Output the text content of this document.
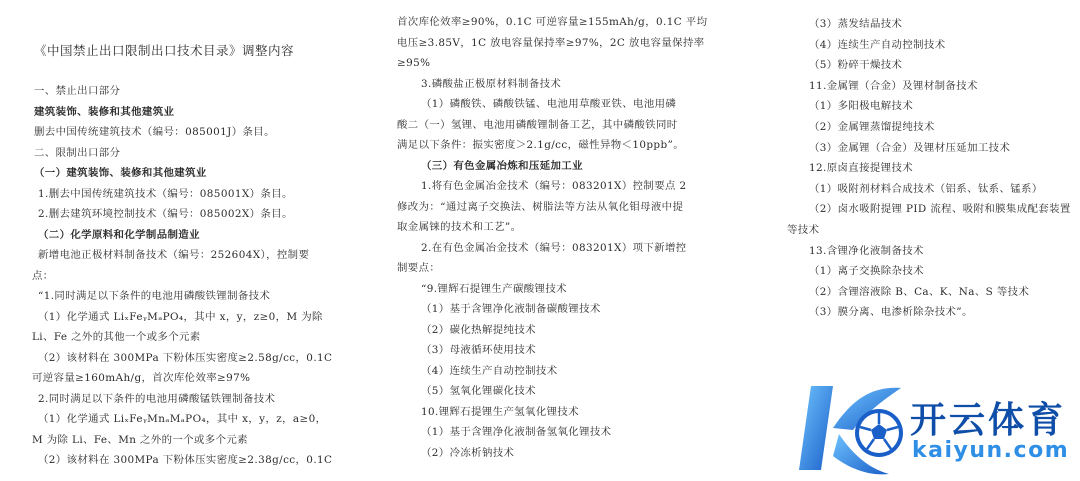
《中国禁止出口限制出口技术目录》调整内容
一、禁止出口部分
建筑装饰、装修和其他建筑业
删去中国传统建筑技术（编号：085001J）条目。
二、限制出口部分
（一）建筑装饰、装修和其他建筑业
1.删去中国传统建筑技术（编号：085001X）条目。
2.删去建筑环境控制技术（编号：085002X）条目。
（二）化学原料和化学制品制造业
新增电池正极材料制备技术（编号：252604X），控制要
点：
“1.同时满足以下条件的电池用磷酸铁锂制备技术
（1）化学通式 LiₓFeᵧMₐPO₄，其中 x，y，z≥0，M 为除
Li、Fe 之外的其他一个或多个元素
（2）该材料在 300MPa 下粉体压实密度≥2.58g/cc，0.1C
可逆容量≥160mAh/g，首次库伦效率≥97%
2.同时满足以下条件的电池用磷酸锰铁锂制备技术
（1）化学通式 LiₓFeᵧMnₐMₐPO₄，其中 x，y，z，a≥0，
M 为除 Li、Fe、Mn 之外的一个或多个元素
（2）该材料在 300MPa 下粉体压实密度≥2.38g/cc，0.1C
首次库伦效率≥90%，0.1C 可逆容量≥155mAh/g，0.1C 平均
电压≥3.85V，1C 放电容量保持率≥97%，2C 放电容量保持率
≥95%
3.磷酸盐正极原材料制备技术
（1）磷酸铁、磷酸铁锰、电池用草酸亚铁、电池用磷
酸二（一）氢锂、电池用磷酸锂制备工艺，其中磷酸铁同时
满足以下条件：振实密度＞2.1g/cc，磁性异物＜10ppb”。
（三）有色金属冶炼和压延加工业
1.将有色金属冶金技术（编号：083201X）控制要点 2
修改为：“通过离子交换法、树脂法等方法从氧化钼母液中提
取金属铼的技术和工艺”。
2.在有色金属冶金技术（编号：083201X）项下新增控
制要点：
“9.锂辉石提锂生产碳酸锂技术
（1）基于含锂净化液制备碳酸锂技术
（2）碳化热解提纯技术
（3）母液循环使用技术
（4）连续生产自动控制技术
（5）氢氧化锂碳化技术
10.锂辉石提锂生产氢氧化锂技术
（1）基于含锂净化液制备氢氧化锂技术
（2）冷冻析钠技术
（3）蒸发结晶技术
（4）连续生产自动控制技术
（5）粉碎干燥技术
11.金属锂（合金）及锂材制备技术
（1）多阳极电解技术
（2）金属锂蒸馏提纯技术
（3）金属锂（合金）及锂材压延加工技术
12.原卤直接提锂技术
（1）吸附剂材料合成技术（铝系、钛系、锰系）
（2）卤水吸附提锂 PID 流程、吸附和膜集成配套装置
等技术
13.含锂净化液制备技术
（1）离子交换除杂技术
（2）含锂溶液除 B、Ca、K、Na、S 等技术
（3）膜分离、电渗析除杂技术”。
开云体育
kaiyun.com
